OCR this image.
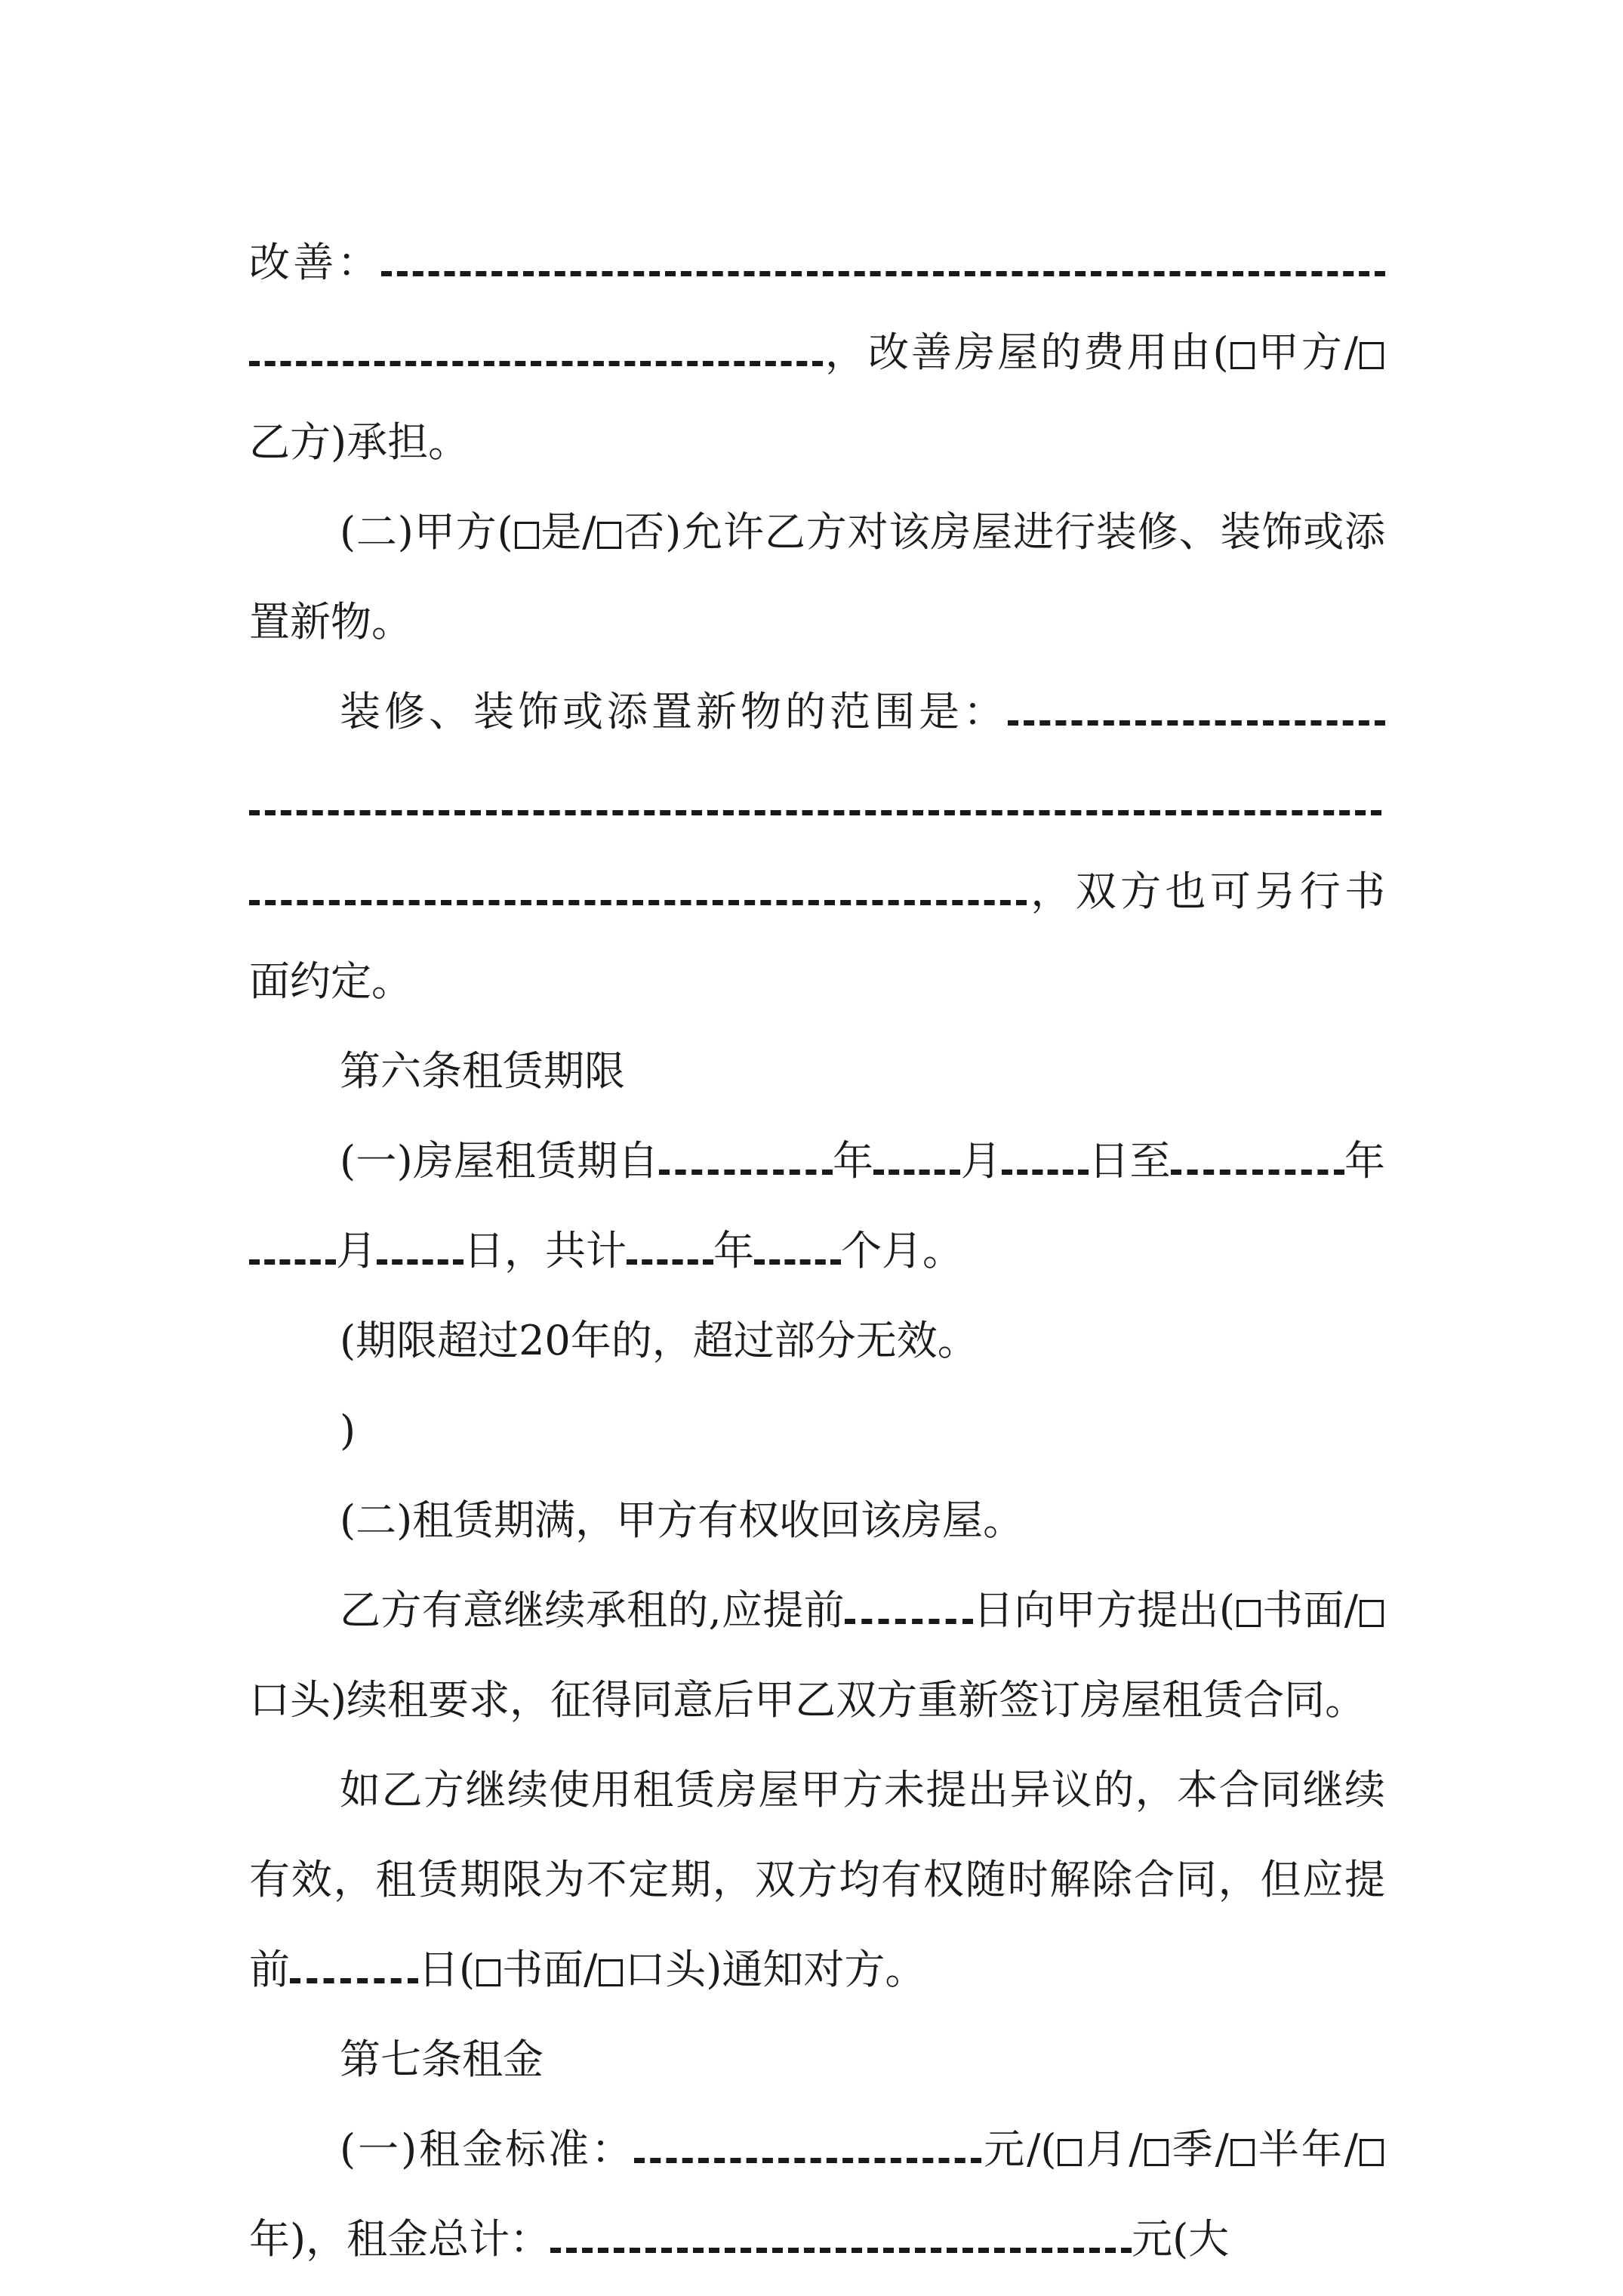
改善：，改善房屋的费用由( 甲方/乙方)承担。

(二)甲方( 是/ 否)允许乙方对该房屋进行装修、装饰或添置新物。

装修、装饰或添置新物的范围是：，双方也可另行书面约定。

第六条租赁期限

(一)房屋租赁期自	年 月 日至	年月 日，共计 年 个月。

(期限超过20年的，超过部分无效。

)

(二)租赁期满，甲方有权收回该房屋。

乙方有意继续承租的,应提前	日向甲方提出( 书面/口头)续租要求，征得同意后甲乙双方重新签订房屋租赁合同。

如乙方继续使用租赁房屋甲方未提出异议的，本合同继续有效，租赁期限为不定期，双方均有权随时解除合同，但应提前	日( 书面/ 口头)通知对方。

第七条租金

(一)租金标准：	元/( 月/ 季/ 半年/年)，租金总计：	元(大
